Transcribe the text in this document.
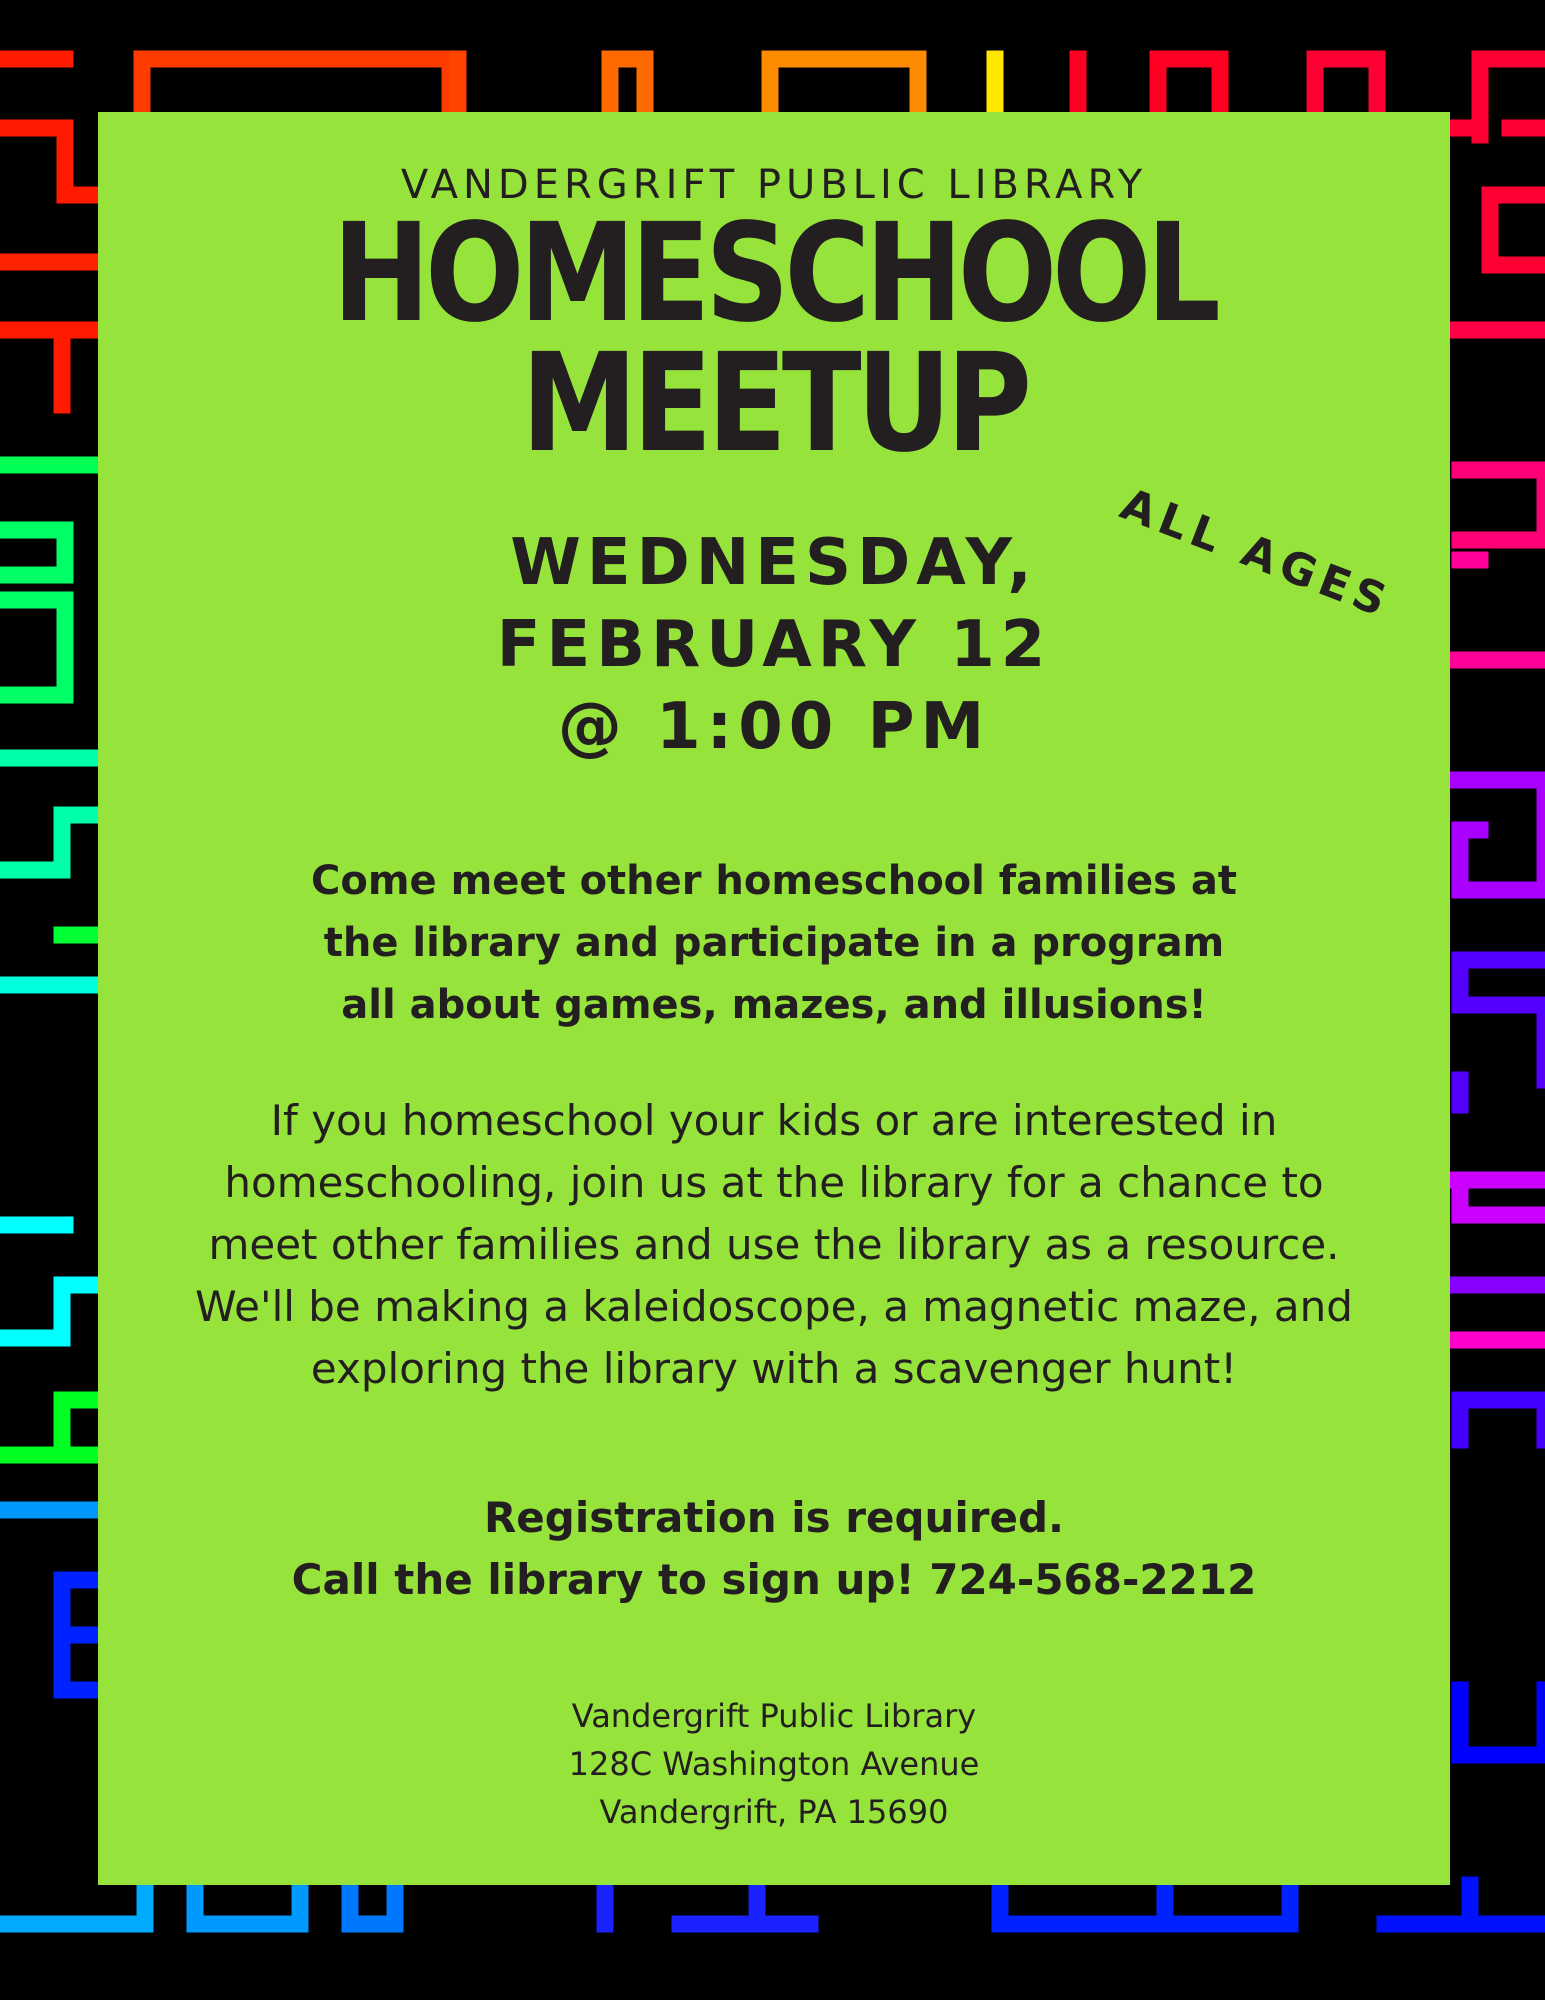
VANDERGRIFT PUBLIC LIBRARY
HOMESCHOOL
MEETUP
ALL AGES
WEDNESDAY,
FEBRUARY 12
@ 1:00 PM
Come meet other homeschool families at
the library and participate in a program
all about games, mazes, and illusions!
If you homeschool your kids or are interested in
homeschooling, join us at the library for a chance to
meet other families and use the library as a resource.
We'll be making a kaleidoscope, a magnetic maze, and
exploring the library with a scavenger hunt!
Registration is required.
Call the library to sign up! 724-568-2212
Vandergrift Public Library
128C Washington Avenue
Vandergrift, PA 15690
